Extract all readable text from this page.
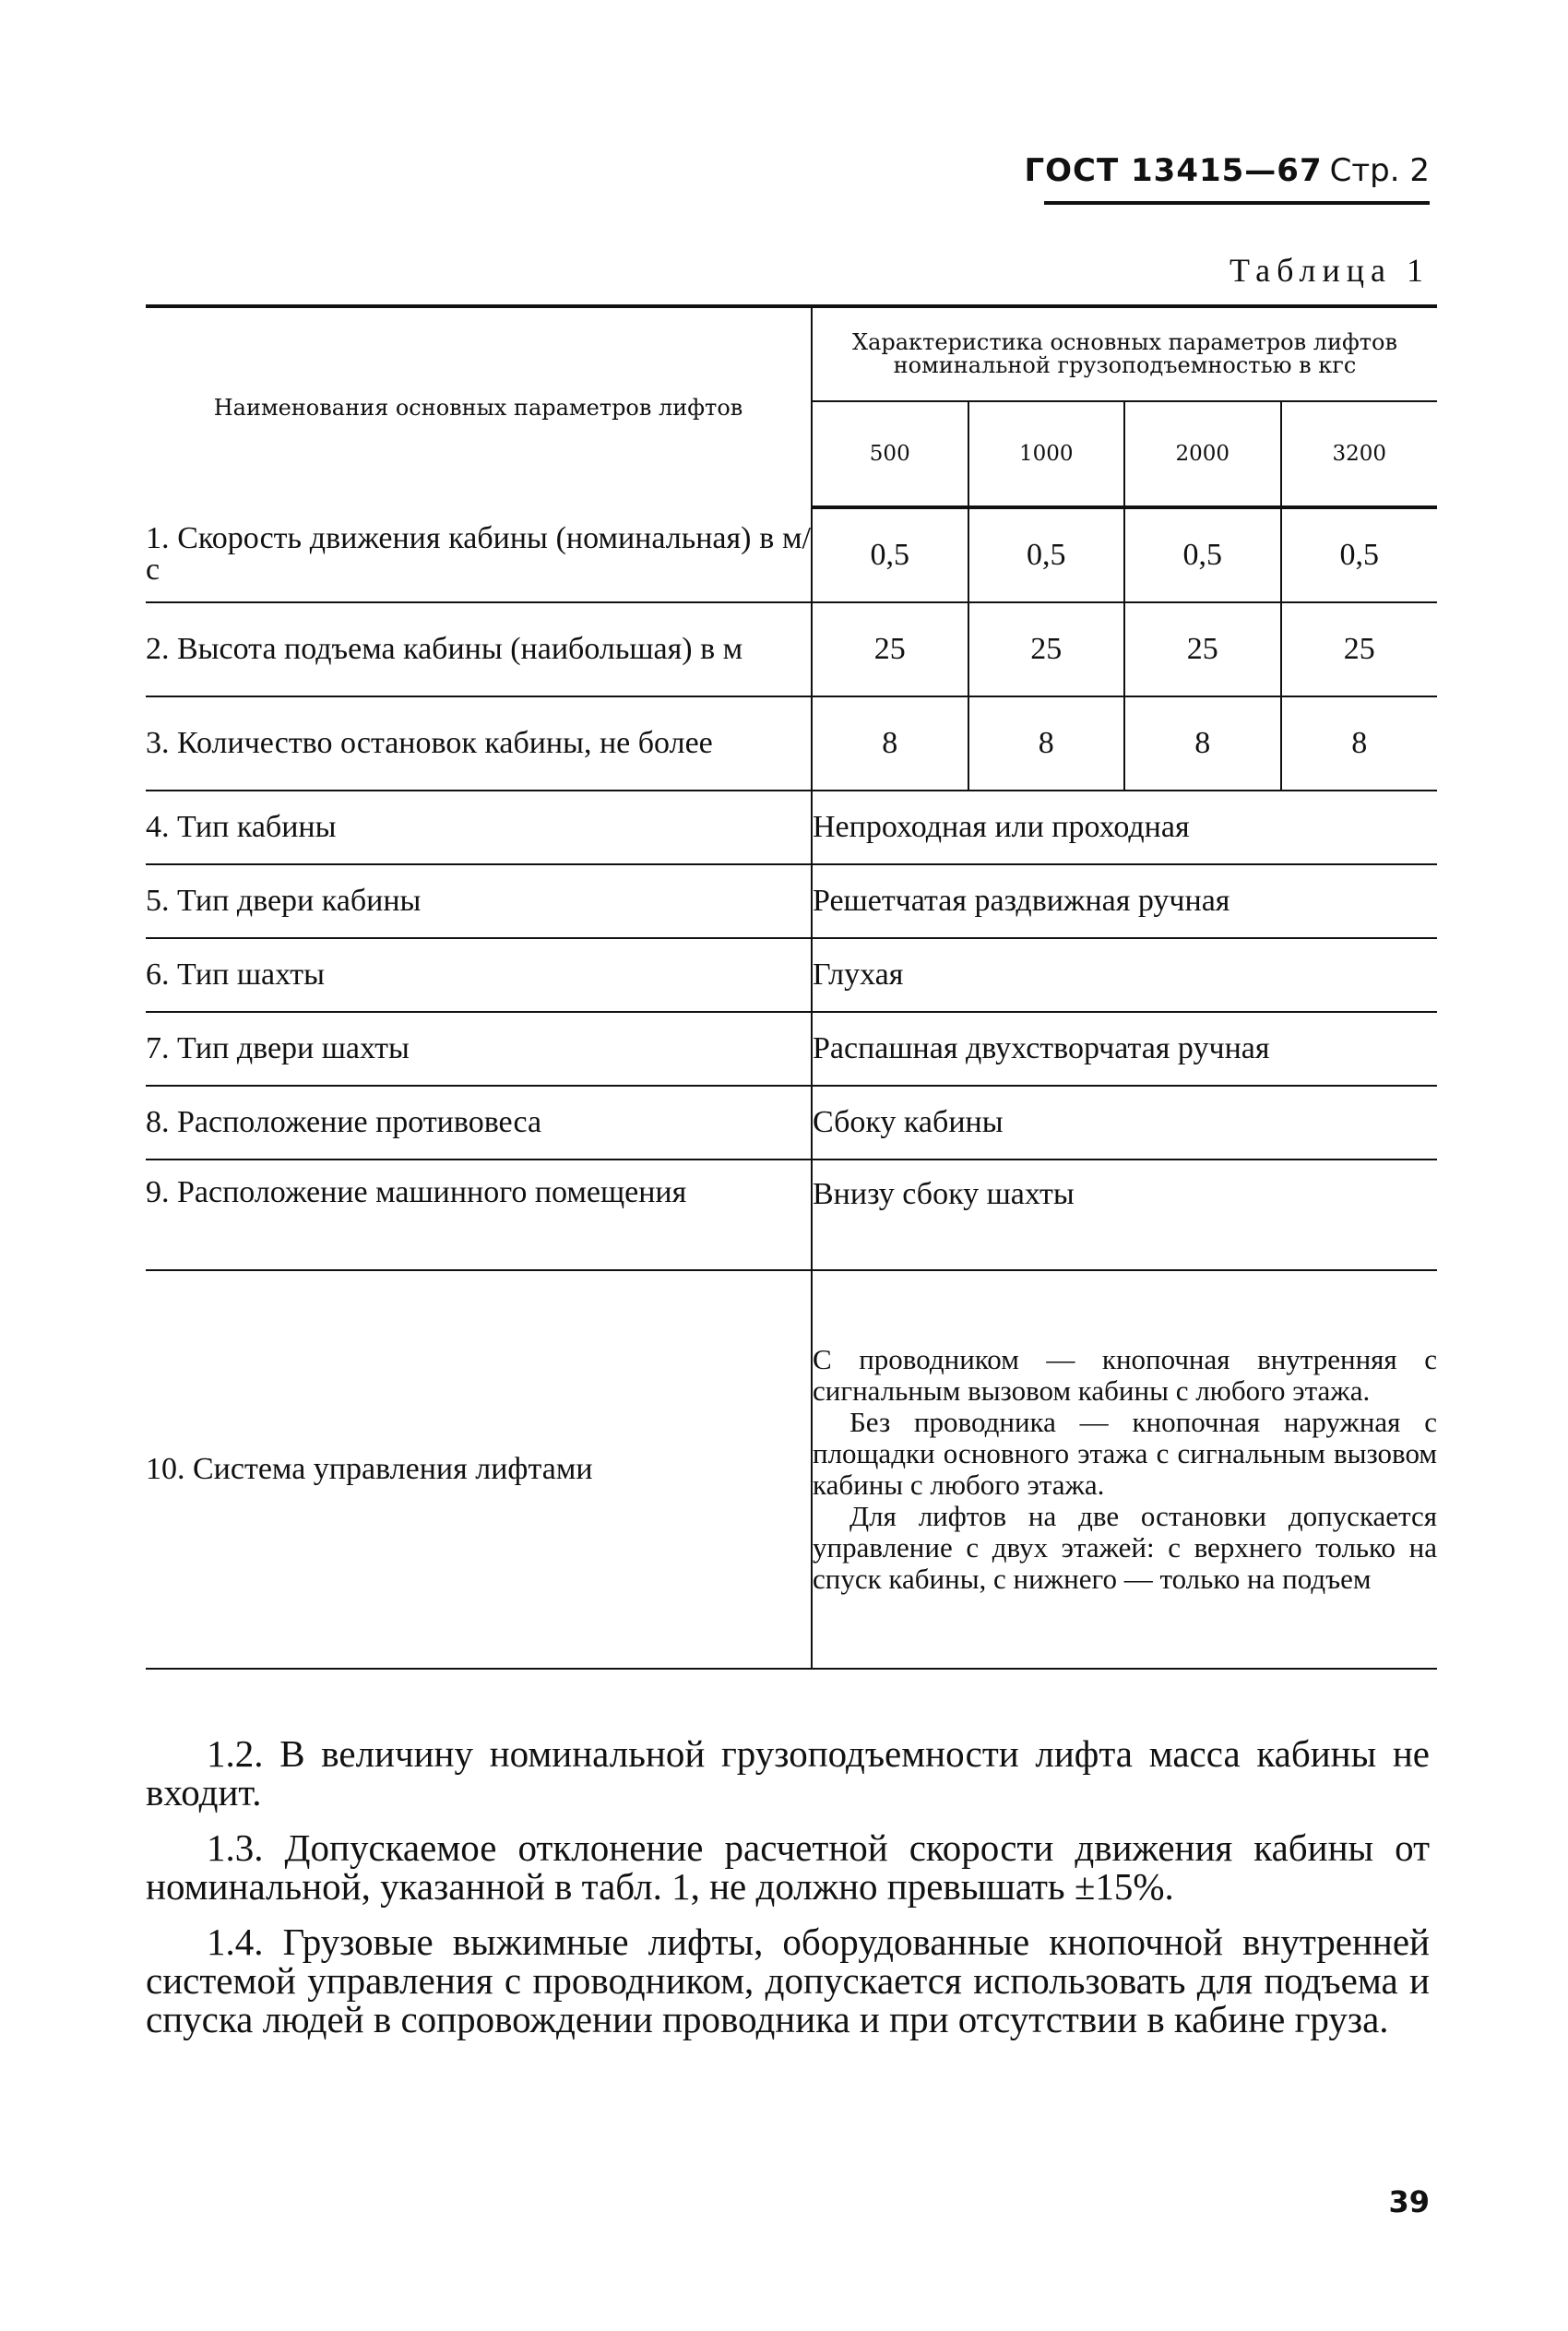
ГОСТ 13415—67 Стр. 2
Таблица 1
Наименования основных параметров лифтов	Характеристика основных параметров лифтов номинальной грузоподъемностью в кгс			
	500	1000	2000	3200
1. Скорость движения кабины (номинальная) в м/с	0,5	0,5	0,5	0,5
2. Высота подъема кабины (наибольшая) в м	25	25	25	25
3. Количество остановок кабины, не более	8	8	8	8
4. Тип кабины	Непроходная или проходная			
5. Тип двери кабины	Решетчатая раздвижная ручная			
6. Тип шахты	Глухая			
7. Тип двери шахты	Распашная двухстворчатая ручная			
8. Расположение противовеса	Сбоку кабины			
9. Расположение машинного помещения	Внизу сбоку шахты			
10. Система управления лифтами	С проводником — кнопочная внутренняя с сигнальным вызовом кабины с любого этажа.

Без проводника — кнопочная наружная с площадки основного этажа с сигнальным вызовом кабины с любого этажа.

Для лифтов на две остановки допускается управление с двух этажей: с верхнего только на спуск кабины, с нижнего — только на подъем			

1.2. В величину номинальной грузоподъемности лифта масса кабины не входит.

1.3. Допускаемое отклонение расчетной скорости движения кабины от номинальной, указанной в табл. 1, не должно превышать ±15%.

1.4. Грузовые выжимные лифты, оборудованные кнопочной внутренней системой управления с проводником, допускается использовать для подъема и спуска людей в сопровождении проводника и при отсутствии в кабине груза.

39
